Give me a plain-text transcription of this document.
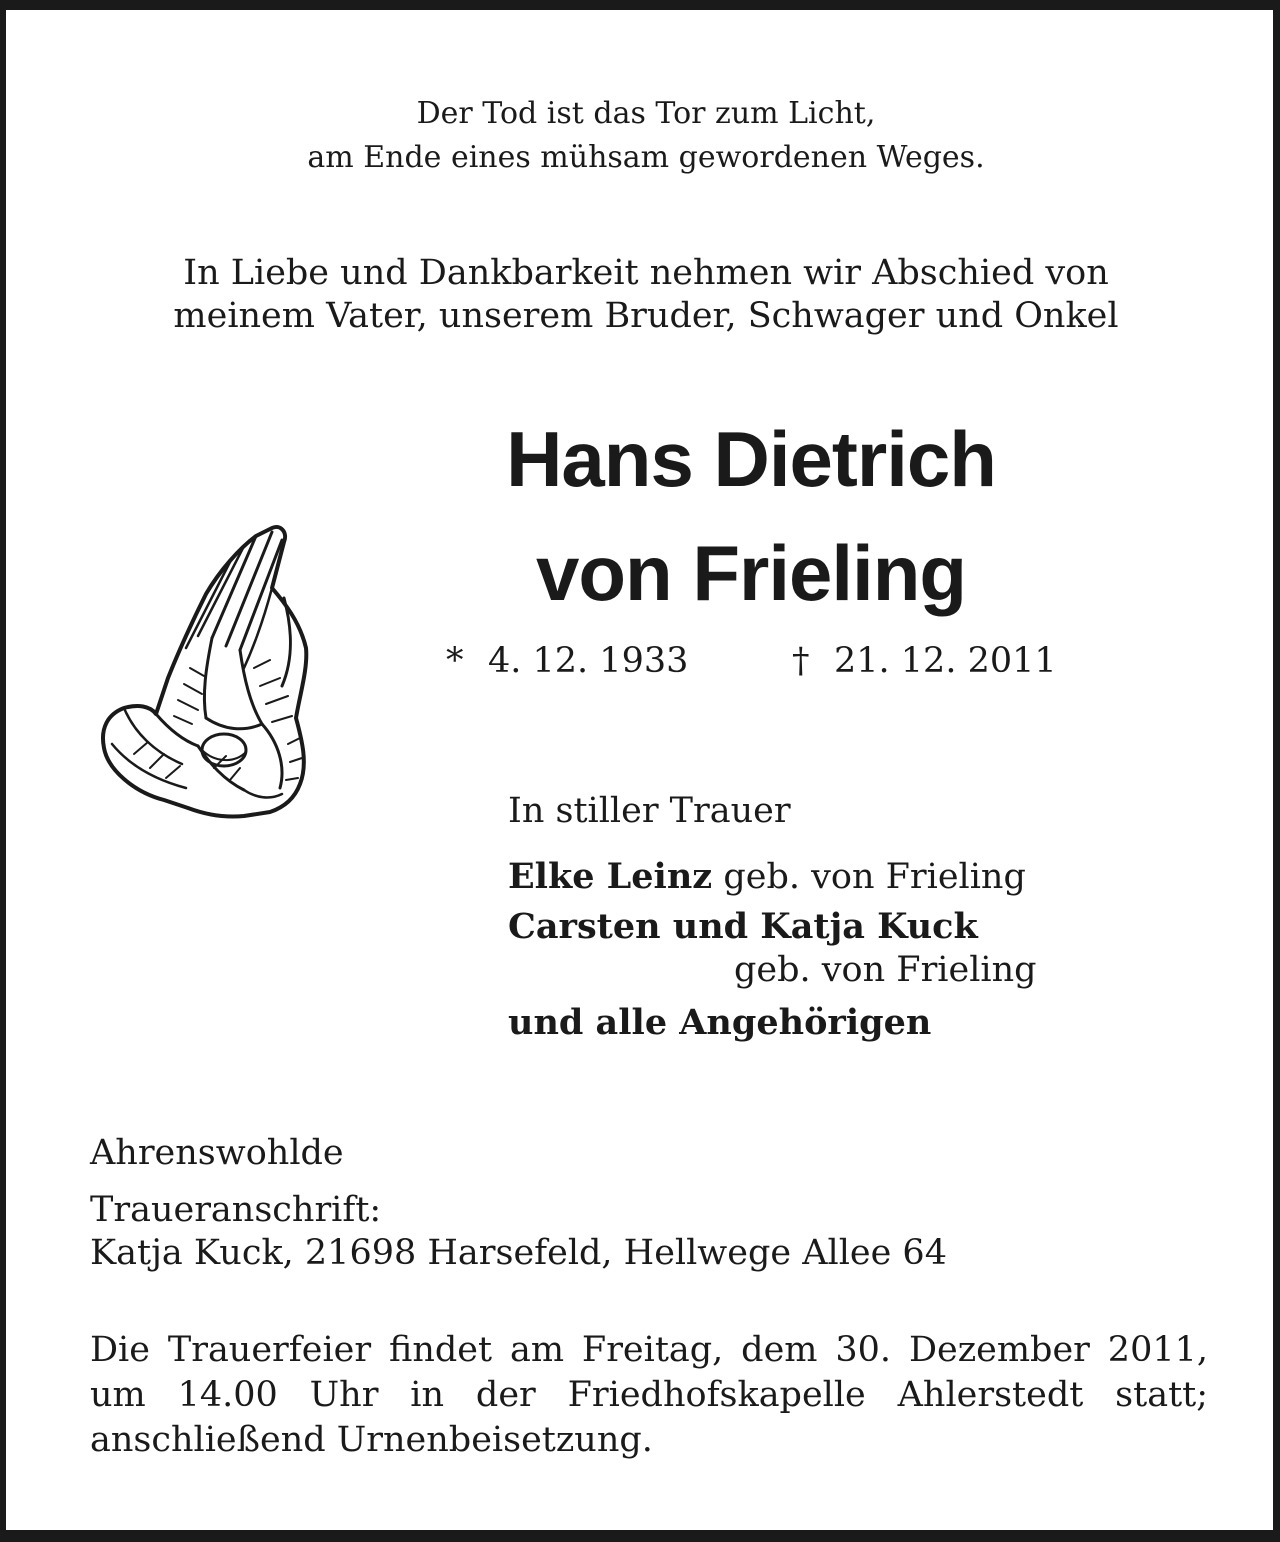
Der Tod ist das Tor zum Licht,
am Ende eines mühsam gewordenen Weges.
In Liebe und Dankbarkeit nehmen wir Abschied von
meinem Vater, unserem Bruder, Schwager und Onkel
Hans Dietrich
von Frieling
* 4. 12. 1933	† 21. 12. 2011
In stiller Trauer
Elke Leinz geb. von Frieling
Carsten und Katja Kuck
geb. von Frieling
und alle Angehörigen
Ahrenswohlde
Traueranschrift:
Katja Kuck, 21698 Harsefeld, Hellwege Allee 64
Die Trauerfeier findet am Freitag, dem 30. Dezember 2011, um 14.00 Uhr in der Friedhofskapelle Ahlerstedt statt; anschließend Urnenbeisetzung.
